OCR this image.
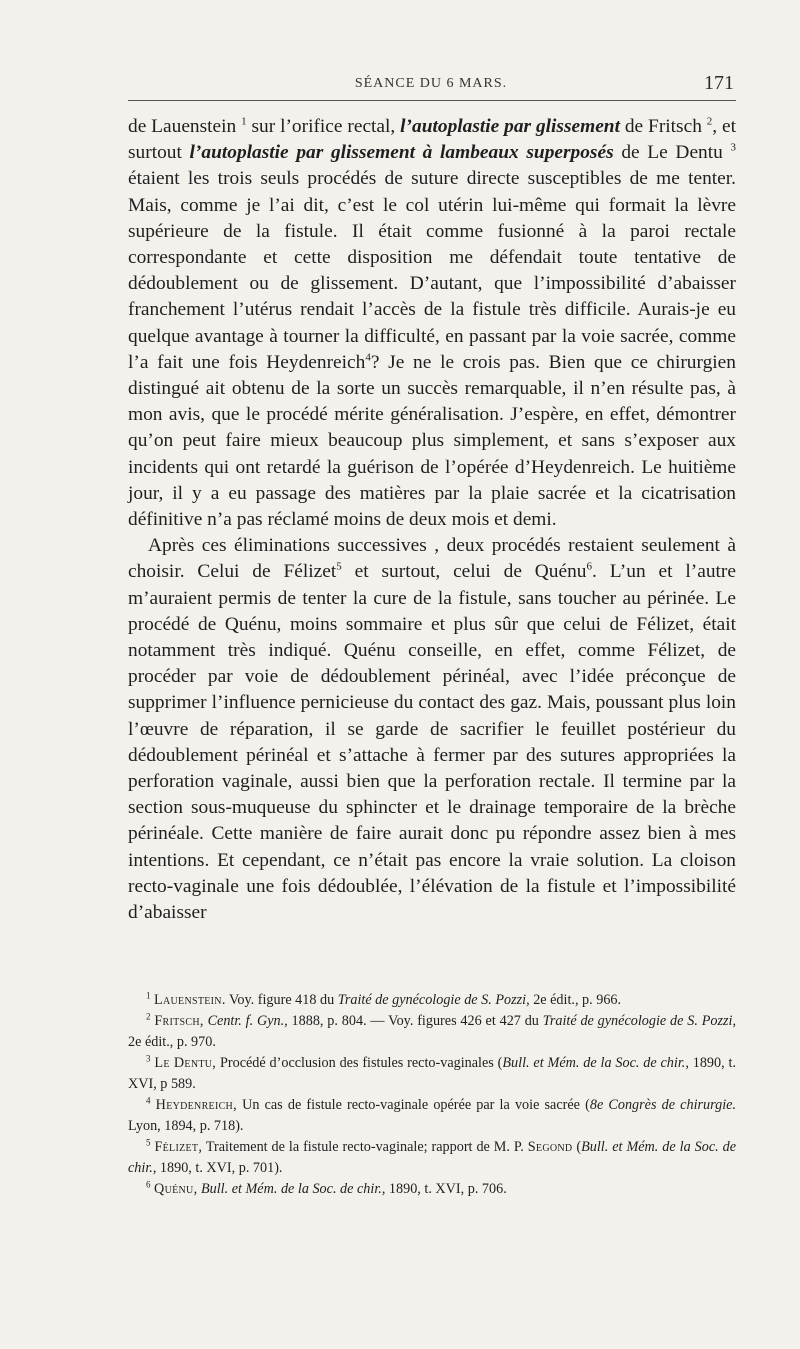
SÉANCE DU 6 MARS.	171

de Lauenstein $^1$ sur l’orifice rectal, l’autoplastie par glissement de Fritsch $^2$, et surtout l’autoplastie par glissement à lambeaux superposés de Le Dentu $^3$ étaient les trois seuls procédés de suture directe susceptibles de me tenter. Mais, comme je l’ai dit, c’est le col utérin lui-même qui formait la lèvre supérieure de la fistule. Il était comme fusionné à la paroi rectale correspondante et cette disposition me défendait toute tentative de dédoublement ou de glissement. D’autant, que l’impossibilité d’abaisser franchement l’utérus rendait l’accès de la fistule très difficile. Aurais-je eu quelque avantage à tourner la difficulté, en passant par la voie sacrée, comme l’a fait une fois Heydenreich$^4$? Je ne le crois pas. Bien que ce chirurgien distingué ait obtenu de la sorte un succès remarquable, il n’en résulte pas, à mon avis, que le procédé mérite généralisation. J’espère, en effet, démontrer qu’on peut faire mieux beaucoup plus simplement, et sans s’exposer aux incidents qui ont retardé la guérison de l’opérée d’Heydenreich. Le huitième jour, il y a eu passage des matières par la plaie sacrée et la cicatrisation définitive n’a pas réclamé moins de deux mois et demi.

Après ces éliminations successives , deux procédés restaient seulement à choisir. Celui de Félizet$^5$ et surtout, celui de Quénu$^6$. L’un et l’autre m’auraient permis de tenter la cure de la fistule, sans toucher au périnée. Le procédé de Quénu, moins sommaire et plus sûr que celui de Félizet, était notamment très indiqué. Quénu conseille, en effet, comme Félizet, de procéder par voie de dédoublement périnéal, avec l’idée préconçue de supprimer l’influence pernicieuse du contact des gaz. Mais, poussant plus loin l’œuvre de réparation, il se garde de sacrifier le feuillet postérieur du dédoublement périnéal et s’attache à fermer par des sutures appropriées la perforation vaginale, aussi bien que la perforation rectale. Il termine par la section sous-muqueuse du sphincter et le drainage temporaire de la brèche périnéale. Cette manière de faire aurait donc pu répondre assez bien à mes intentions. Et cependant, ce n’était pas encore la vraie solution. La cloison recto-vaginale une fois dédoublée, l’élévation de la fistule et l’impossibilité d’abaisser

$^1$ Lauenstein. Voy. figure 418 du Traité de gynécologie de S. Pozzi, 2e édit., p. 966.

$^2$ Fritsch, Centr. f. Gyn., 1888, p. 804. — Voy. figures 426 et 427 du Traité de gynécologie de S. Pozzi, 2e édit., p. 970.

$^3$ Le Dentu, Procédé d’occlusion des fistules recto-vaginales (Bull. et Mém. de la Soc. de chir., 1890, t. XVI, p 589.

$^4$ Heydenreich, Un cas de fistule recto-vaginale opérée par la voie sacrée (8e Congrès de chirurgie. Lyon, 1894, p. 718).

$^5$ Félizet, Traitement de la fistule recto-vaginale; rapport de M. P. Segond (Bull. et Mém. de la Soc. de chir., 1890, t. XVI, p. 701).

$^6$ Quénu, Bull. et Mém. de la Soc. de chir., 1890, t. XVI, p. 706.
